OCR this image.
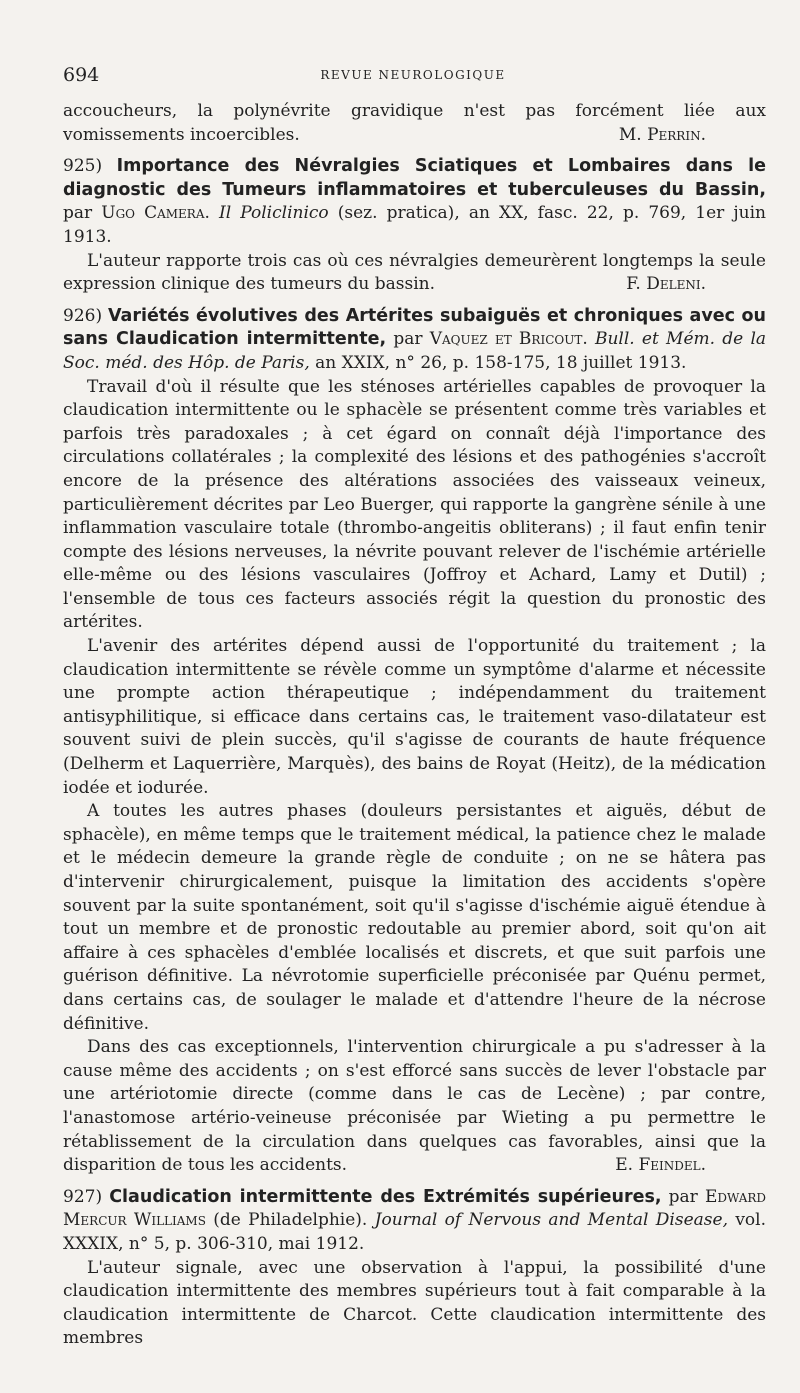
694	REVUE NEUROLOGIQUE

accoucheurs, la polynévrite gravidique n'est pas forcément liée aux vomissements incoercibles.	M. Perrin.

925) Importance des Névralgies Sciatiques et Lombaires dans le diagnostic des Tumeurs inflammatoires et tuberculeuses du Bassin, par Ugo Camera. Il Policlinico (sez. pratica), an XX, fasc. 22, p. 769, 1er juin 1913.

L'auteur rapporte trois cas où ces névralgies demeurèrent longtemps la seule expression clinique des tumeurs du bassin.	F. Deleni.

926) Variétés évolutives des Artérites subaiguës et chroniques avec ou sans Claudication intermittente, par Vaquez et Bricout. Bull. et Mém. de la Soc. méd. des Hôp. de Paris, an XXIX, n° 26, p. 158-175, 18 juillet 1913.

Travail d'où il résulte que les sténoses artérielles capables de provoquer la claudication intermittente ou le sphacèle se présentent comme très variables et parfois très paradoxales ; à cet égard on connaît déjà l'importance des circulations collatérales ; la complexité des lésions et des pathogénies s'accroît encore de la présence des altérations associées des vaisseaux veineux, particulièrement décrites par Leo Buerger, qui rapporte la gangrène sénile à une inflammation vasculaire totale (thrombo-angeitis obliterans) ; il faut enfin tenir compte des lésions nerveuses, la névrite pouvant relever de l'ischémie artérielle elle-même ou des lésions vasculaires (Joffroy et Achard, Lamy et Dutil) ; l'ensemble de tous ces facteurs associés régit la question du pronostic des artérites.

L'avenir des artérites dépend aussi de l'opportunité du traitement ; la claudication intermittente se révèle comme un symptôme d'alarme et nécessite une prompte action thérapeutique ; indépendamment du traitement antisyphilitique, si efficace dans certains cas, le traitement vaso-dilatateur est souvent suivi de plein succès, qu'il s'agisse de courants de haute fréquence (Delherm et Laquerrière, Marquès), des bains de Royat (Heitz), de la médication iodée et iodurée.

A toutes les autres phases (douleurs persistantes et aiguës, début de sphacèle), en même temps que le traitement médical, la patience chez le malade et le médecin demeure la grande règle de conduite ; on ne se hâtera pas d'intervenir chirurgicalement, puisque la limitation des accidents s'opère souvent par la suite spontanément, soit qu'il s'agisse d'ischémie aiguë étendue à tout un membre et de pronostic redoutable au premier abord, soit qu'on ait affaire à ces sphacèles d'emblée localisés et discrets, et que suit parfois une guérison définitive. La névrotomie superficielle préconisée par Quénu permet, dans certains cas, de soulager le malade et d'attendre l'heure de la nécrose définitive.

Dans des cas exceptionnels, l'intervention chirurgicale a pu s'adresser à la cause même des accidents ; on s'est efforcé sans succès de lever l'obstacle par une artériotomie directe (comme dans le cas de Lecène) ; par contre, l'anastomose artério-veineuse préconisée par Wieting a pu permettre le rétablissement de la circulation dans quelques cas favorables, ainsi que la disparition de tous les accidents.	E. Feindel.

927) Claudication intermittente des Extrémités supérieures, par Edward Mercur Williams (de Philadelphie). Journal of Nervous and Mental Disease, vol. XXXIX, n° 5, p. 306-310, mai 1912.

L'auteur signale, avec une observation à l'appui, la possibilité d'une claudication intermittente des membres supérieurs tout à fait comparable à la claudication intermittente de Charcot. Cette claudication intermittente des membres
